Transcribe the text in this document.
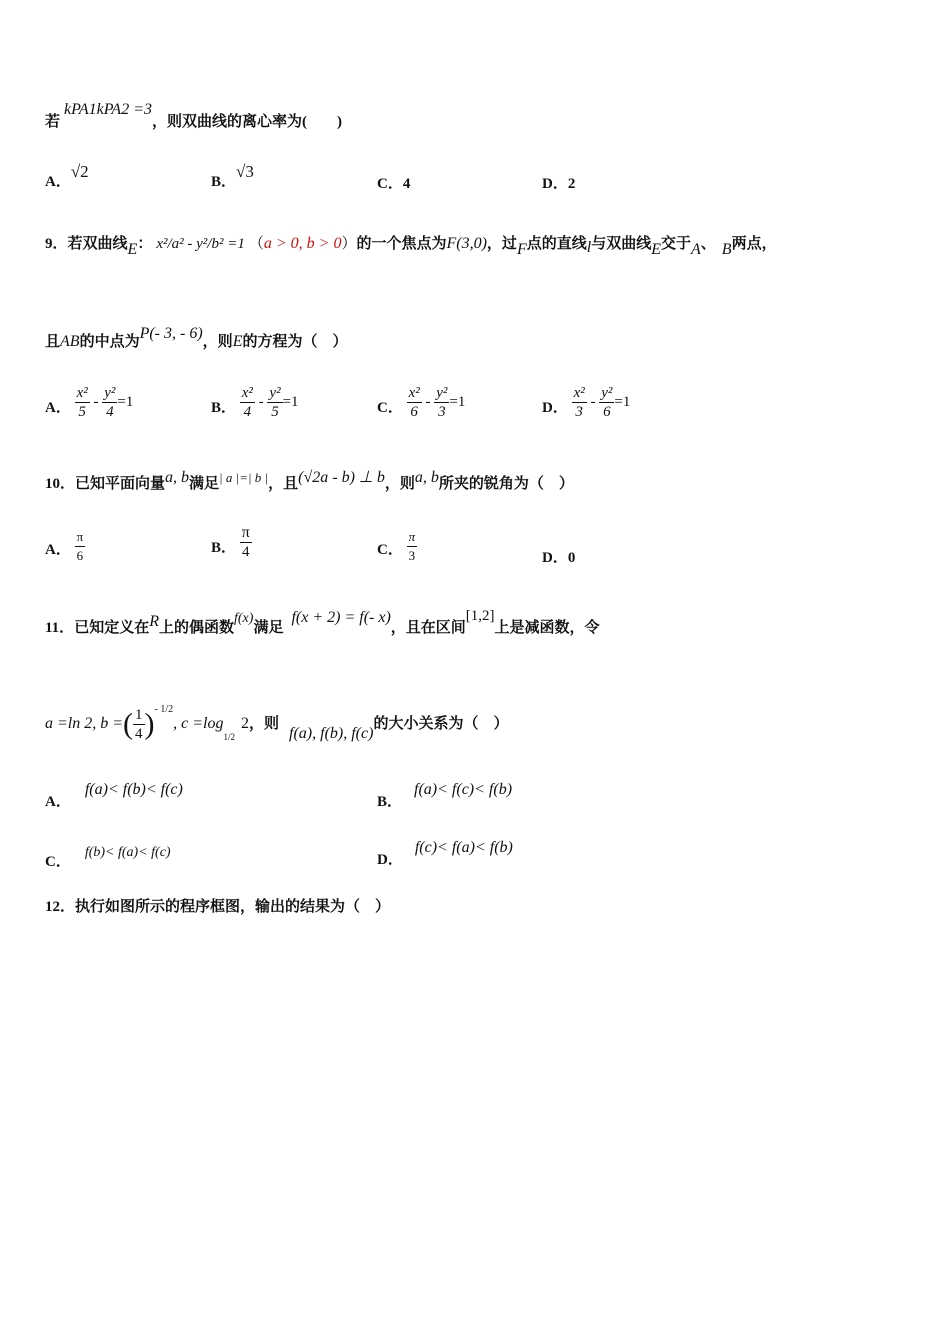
若kPA1kPA2 =3，则双曲线的离心率为(　　)
A．√2
B．√3
C．4	D．2
9．若双曲线E： x²/a² - y²/b² =1 （a > 0, b > 0）的一个焦点为F(3,0)，过F点的直线l与双曲线E交于A、 B两点，
且AB的中点为P(- 3, - 6)，则E的方程为（　）
A． $\frac{\text{x²}}{5} - \frac{\text{y²}}{4} =1$	B． $\frac{\text{x²}}{4} - \frac{\text{y²}}{5} =1$	C． $\frac{\text{x²}}{6} - \frac{\text{y²}}{3} =1$	D． $\frac{\text{x²}}{3} - \frac{\text{y²}}{6} =1$
10．已知平面向量a, b满足| a |=| b |，且(√2a - b) ⊥ b，则a, b所夹的锐角为（　）
A． $\frac{\pi}{6}$	B． $\frac{\pi}{4}$	C． $\frac{\pi}{3}$	D．0
11．已知定义在R上的偶函数f(x)满足f(x + 2) = f(- x)，且在区间[1,2]上是减函数，令
a =ln 2, b =( $\frac{1}{4} )^{- 1/2}$, $c =\log_{1/2}2$，则f(a), f(b), f(c)的大小关系为（　）
A．f(a)< f(b)< f(c)
B．f(a)< f(c)< f(b)
C．f(b)< f(a)< f(c)	D．f(c)< f(a)< f(b)
12．执行如图所示的程序框图，输出的结果为（　）
